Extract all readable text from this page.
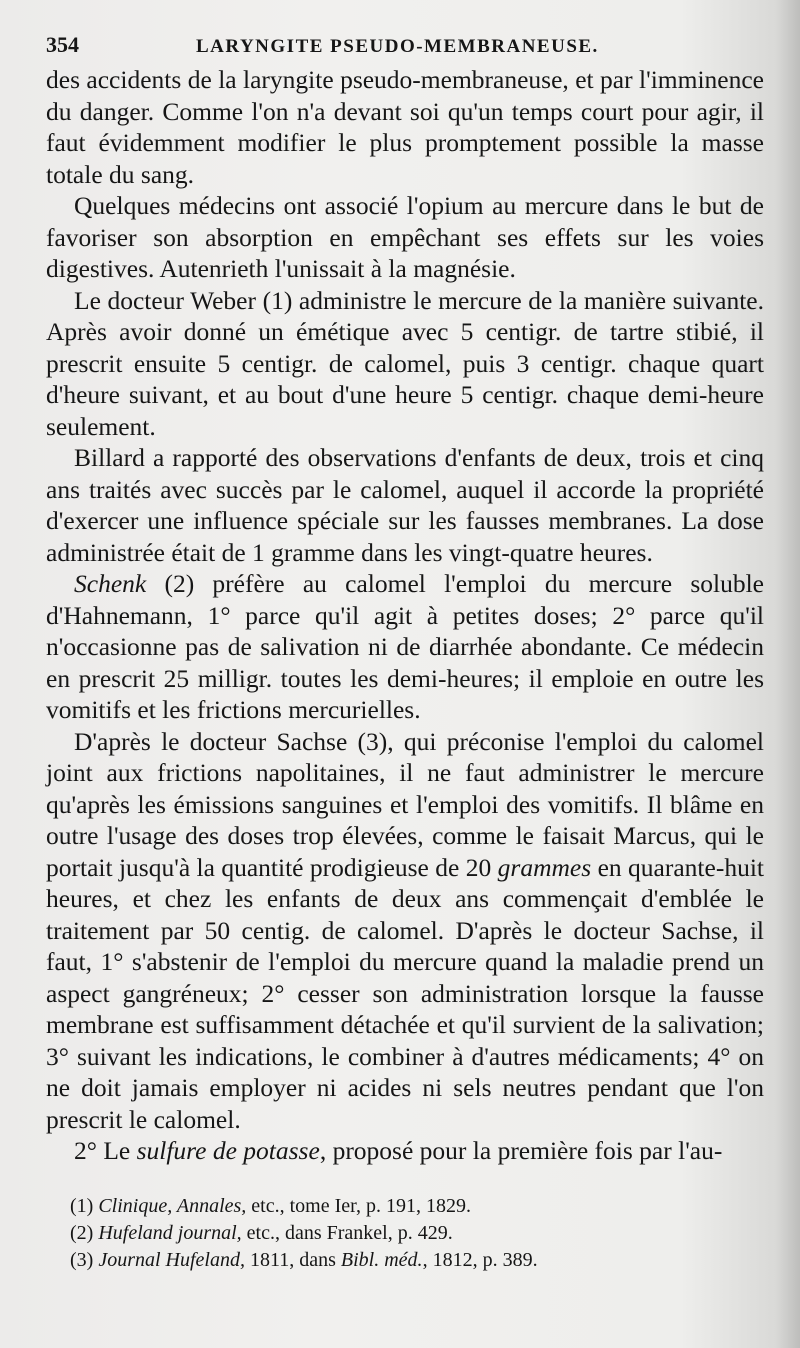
354	LARYNGITE PSEUDO-MEMBRANEUSE.

des accidents de la laryngite pseudo-membraneuse, et par l'imminence du danger. Comme l'on n'a devant soi qu'un temps court pour agir, il faut évidemment modifier le plus promptement possible la masse totale du sang.

Quelques médecins ont associé l'opium au mercure dans le but de favoriser son absorption en empêchant ses effets sur les voies digestives. Autenrieth l'unissait à la magnésie.

Le docteur Weber (1) administre le mercure de la manière suivante. Après avoir donné un émétique avec 5 centigr. de tartre stibié, il prescrit ensuite 5 centigr. de calomel, puis 3 centigr. chaque quart d'heure suivant, et au bout d'une heure 5 centigr. chaque demi-heure seulement.

Billard a rapporté des observations d'enfants de deux, trois et cinq ans traités avec succès par le calomel, auquel il accorde la propriété d'exercer une influence spéciale sur les fausses membranes. La dose administrée était de 1 gramme dans les vingt-quatre heures.

Schenk (2) préfère au calomel l'emploi du mercure soluble d'Hahnemann, 1° parce qu'il agit à petites doses; 2° parce qu'il n'occasionne pas de salivation ni de diarrhée abondante. Ce médecin en prescrit 25 milligr. toutes les demi-heures; il emploie en outre les vomitifs et les frictions mercurielles.

D'après le docteur Sachse (3), qui préconise l'emploi du calomel joint aux frictions napolitaines, il ne faut administrer le mercure qu'après les émissions sanguines et l'emploi des vomitifs. Il blâme en outre l'usage des doses trop élevées, comme le faisait Marcus, qui le portait jusqu'à la quantité prodigieuse de 20 grammes en quarante-huit heures, et chez les enfants de deux ans commençait d'emblée le traitement par 50 centig. de calomel. D'après le docteur Sachse, il faut, 1° s'abstenir de l'emploi du mercure quand la maladie prend un aspect gangréneux; 2° cesser son administration lorsque la fausse membrane est suffisamment détachée et qu'il survient de la salivation; 3° suivant les indications, le combiner à d'autres médicaments; 4° on ne doit jamais employer ni acides ni sels neutres pendant que l'on prescrit le calomel.

2° Le sulfure de potasse, proposé pour la première fois par l'au-

(1) Clinique, Annales, etc., tome Ier, p. 191, 1829.
(2) Hufeland journal, etc., dans Frankel, p. 429.
(3) Journal Hufeland, 1811, dans Bibl. méd., 1812, p. 389.
